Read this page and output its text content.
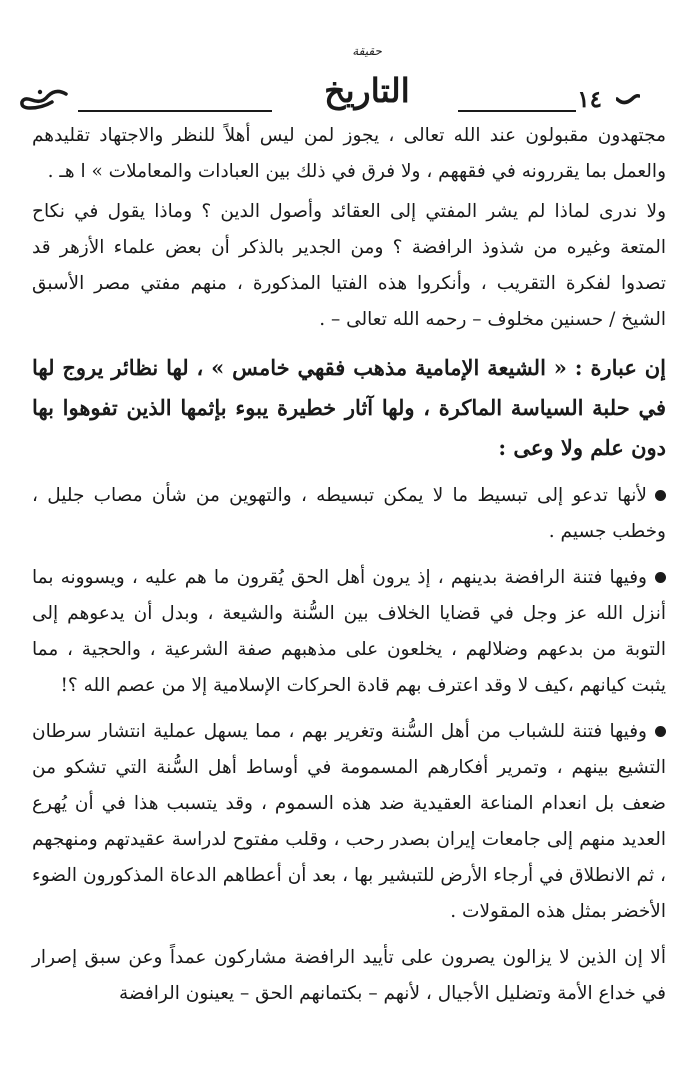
١٤
حقيقة
التاريخ

مجتهدون مقبولون عند الله تعالى ، يجوز لمن ليس أهلاً للنظر والاجتهاد تقليدهم والعمل بما يقررونه في فقههم ، ولا فرق في ذلك بين العبادات والمعاملات » ا هـ .

ولا ندرى لماذا لم يشر المفتي إلى العقائد وأصول الدين ؟ وماذا يقول في نكاح المتعة وغيره من شذوذ الرافضة ؟ ومن الجدير بالذكر أن بعض علماء الأزهر قد تصدوا لفكرة التقريب ، وأنكروا هذه الفتيا المذكورة ، منهم مفتي مصر الأسبق الشيخ / حسنين مخلوف – رحمه الله تعالى – .

إن عبارة : « الشيعة الإمامية مذهب فقهي خامس » ، لها نظائر يروج لها في حلبة السياسة الماكرة ، ولها آثار خطيرة يبوء بإثمها الذين تفوهوا بها دون علم ولا وعى :

لأنها تدعو إلى تبسيط ما لا يمكن تبسيطه ، والتهوين من شأن مصاب جليل ، وخطب جسيم .

وفيها فتنة الرافضة بدينهم ، إذ يرون أهل الحق يُقرون ما هم عليه ، ويسوونه بما أنزل الله عز وجل في قضايا الخلاف بين السُّنة والشيعة ، وبدل أن يدعوهم إلى التوبة من بدعهم وضلالهم ، يخلعون على مذهبهم صفة الشرعية ، والحجية ، مما يثبت كيانهم ،كيف لا وقد اعترف بهم قادة الحركات الإسلامية إلا من عصم الله ؟!

وفيها فتنة للشباب من أهل السُّنة وتغرير بهم ، مما يسهل عملية انتشار سرطان التشيع بينهم ، وتمرير أفكارهم المسمومة في أوساط أهل السُّنة التي تشكو من ضعف بل انعدام المناعة العقيدية ضد هذه السموم ، وقد يتسبب هذا في أن يُهرع العديد منهم إلى جامعات إيران بصدر رحب ، وقلب مفتوح لدراسة عقيدتهم ومنهجهم ، ثم الانطلاق في أرجاء الأرض للتبشير بها ، بعد أن أعطاهم الدعاة المذكورون الضوء الأخضر بمثل هذه المقولات .

ألا إن الذين لا يزالون يصرون على تأييد الرافضة مشاركون عمداً وعن سبق إصرار في خداع الأمة وتضليل الأجيال ، لأنهم – بكتمانهم الحق – يعينون الرافضة
